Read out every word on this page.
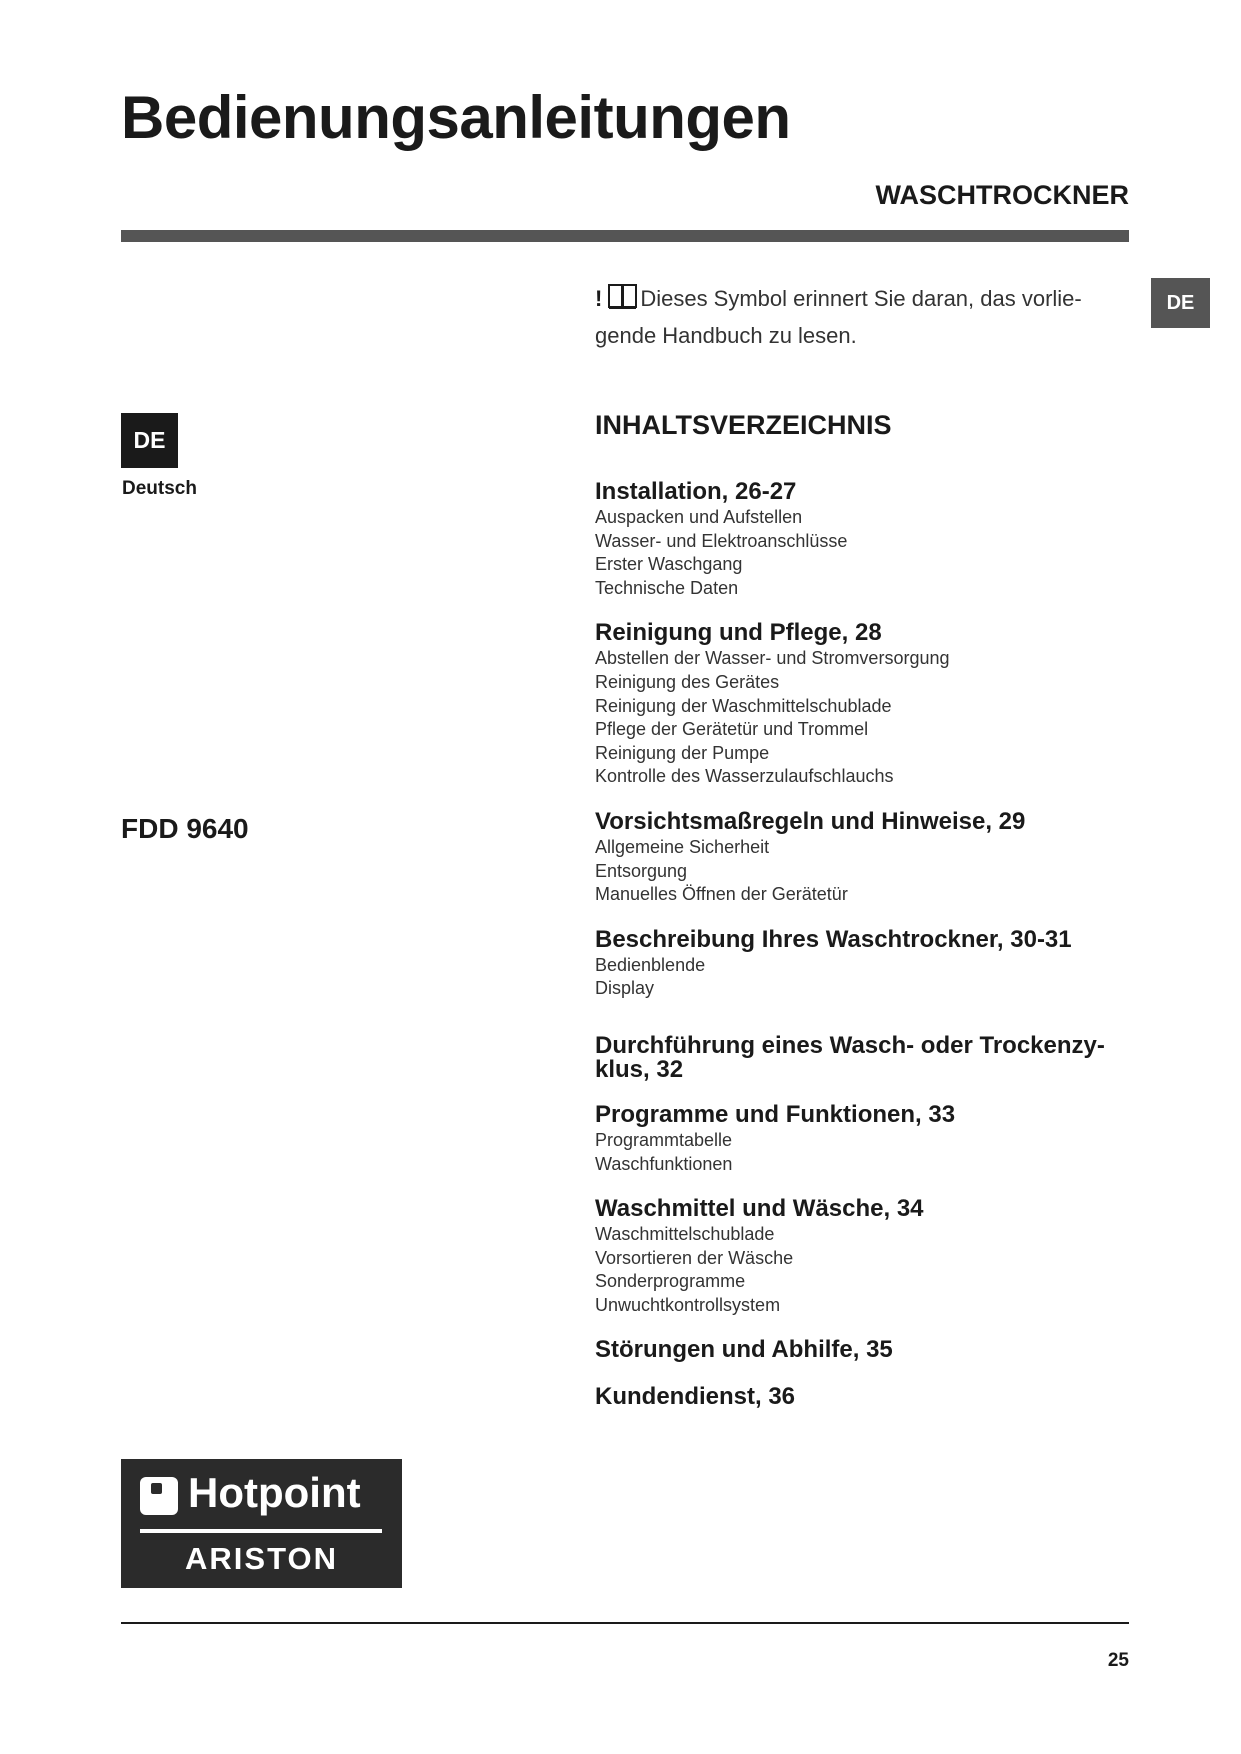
Bedienungsanleitungen
WASCHTROCKNER
DE
! Dieses Symbol erinnert Sie daran, das vorlie-
gende Handbuch zu lesen.
DE
Deutsch
FDD 9640
INHALTSVERZEICHNIS
Installation, 26-27
Auspacken und Aufstellen
Wasser- und Elektroanschlüsse
Erster Waschgang
Technische Daten
Reinigung und Pflege, 28
Abstellen der Wasser- und Stromversorgung
Reinigung des Gerätes
Reinigung der Waschmittelschublade
Pflege der Gerätetür und Trommel
Reinigung der Pumpe
Kontrolle des Wasserzulaufschlauchs
Vorsichtsmaßregeln und Hinweise, 29
Allgemeine Sicherheit
Entsorgung
Manuelles Öffnen der Gerätetür
Beschreibung Ihres Waschtrockner, 30-31
Bedienblende
Display
Durchführung eines Wasch- oder Trockenzy-
klus, 32
Programme und Funktionen, 33
Programmtabelle
Waschfunktionen
Waschmittel und Wäsche, 34
Waschmittelschublade
Vorsortieren der Wäsche
Sonderprogramme
Unwuchtkontrollsystem
Störungen und Abhilfe, 35
Kundendienst, 36
Hotpoint
ARISTON
25
